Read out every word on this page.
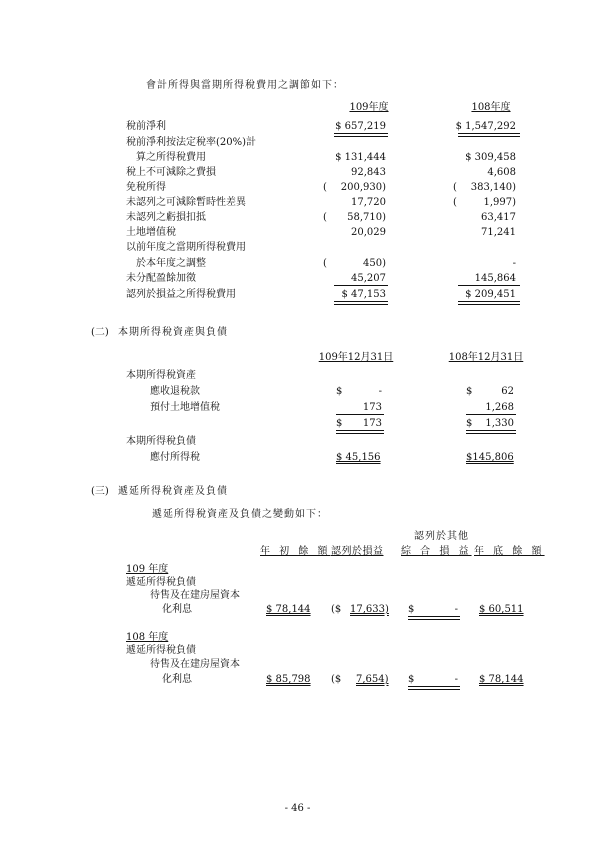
會計所得與當期所得稅費用之調節如下：
109年度	108年度
稅前淨利	$ 657,219	$ 1,547,292
稅前淨利按法定稅率(20%)計
算之所得稅費用	$ 131,444	$ 309,458
稅上不可減除之費損	92,843	4,608
免稅所得	(	200,930)	(	383,140)
未認列之可減除暫時性差異	17,720	(	1,997)
未認列之虧損扣抵	(	58,710)	63,417
土地增值稅	20,029	71,241
以前年度之當期所得稅費用
於本年度之調整	(	450)	-
未分配盈餘加徵	45,207	145,864
認列於損益之所得稅費用	$ 47,153	$ 209,451
(二) 本期所得稅資產與負債
109年12月31日	108年12月31日
本期所得稅資產
應收退稅款	$	-	$	62
預付土地增值稅	173	1,268
$	173	$	1,330
本期所得稅負債
應付所得稅	$ 45,156	$145,806
(三) 遞延所得稅資產及負債
遞延所得稅資產及負債之變動如下：
認列於其他
年 初 餘 額 認列於損益 綜 合 損 益 年 底 餘 額
109 年度
遞延所得稅負債
待售及在建房屋資本
化利息	$ 78,144 ($ 17,633) $	- $ 60,511
108 年度
遞延所得稅負債
待售及在建房屋資本
化利息	$ 85,798 ($ 7,654) $	- $ 78,144
- 46 -
